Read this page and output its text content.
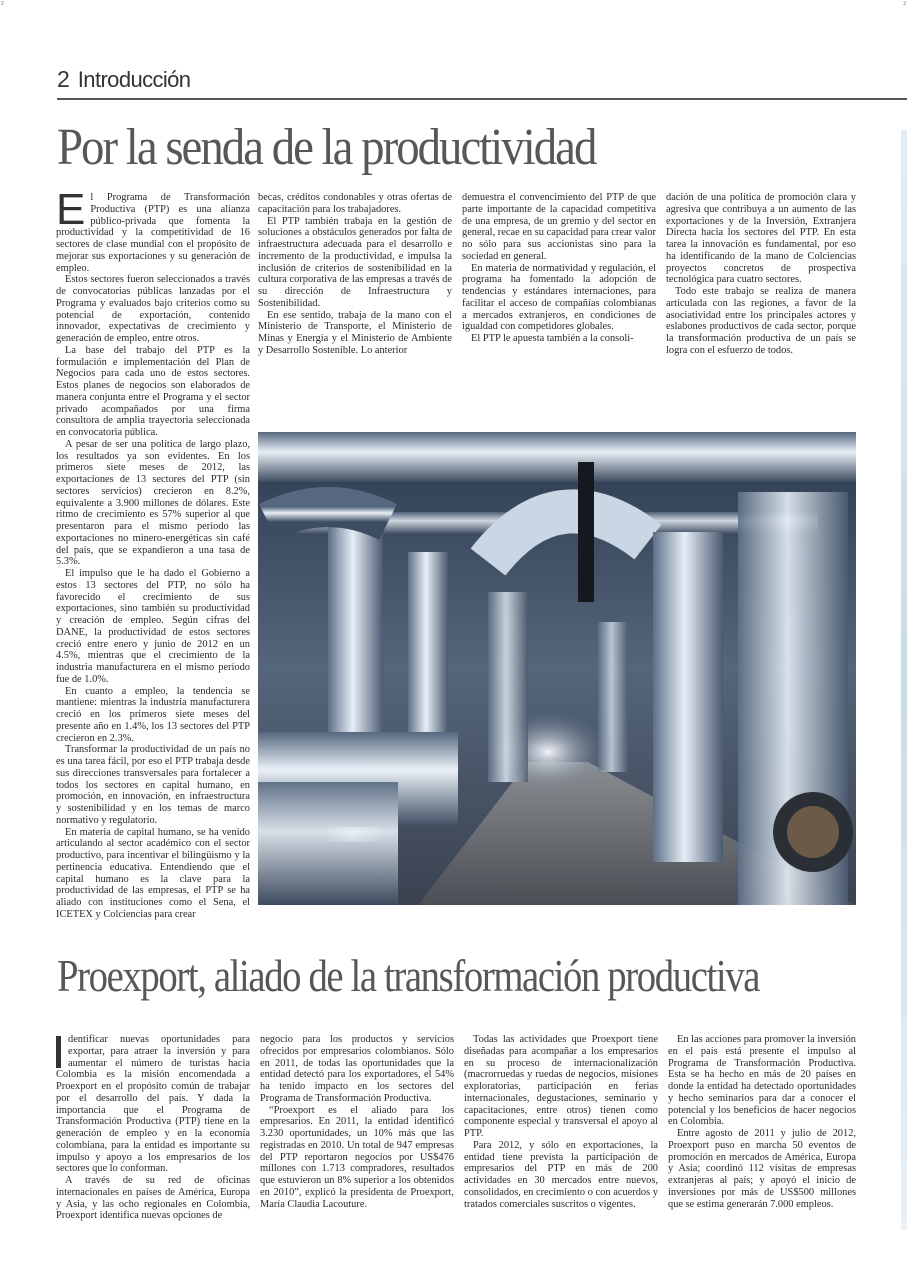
2	2
2 Introducción
Por la senda de la productividad

El Programa de Transformación Productiva (PTP) es una alianza público-privada que fomenta la productividad y la competitividad de 16 sectores de clase mundial con el propósito de mejorar sus exportaciones y su generación de empleo.

Estos sectores fueron seleccionados a través de convocatorias públicas lanzadas por el Programa y evaluados bajo criterios como su potencial de exportación, contenido innovador, expectativas de crecimiento y generación de empleo, entre otros.

La base del trabajo del PTP es la formulación e implementación del Plan de Negocios para cada uno de estos sectores. Estos planes de negocios son elaborados de manera conjunta entre el Programa y el sector privado acompañados por una firma consultora de amplia trayectoria seleccionada en convocatoria pública.

A pesar de ser una política de largo plazo, los resultados ya son evidentes. En los primeros siete meses de 2012, las exportaciones de 13 sectores del PTP (sin sectores servicios) crecieron en 8.2%, equivalente a 3.900 millones de dólares. Este ritmo de crecimiento es 57% superior al que presentaron para el mismo periodo las exportaciones no minero-energéticas sin café del país, que se expandieron a una tasa de 5.3%.

El impulso que le ha dado el Gobierno a estos 13 sectores del PTP, no sólo ha favorecido el crecimiento de sus exportaciones, sino también su productividad y creación de empleo. Según cifras del DANE, la productividad de estos sectores creció entre enero y junio de 2012 en un 4.5%, mientras que el crecimiento de la industria manufacturera en el mismo período fue de 1.0%.

En cuanto a empleo, la tendencia se mantiene: mientras la industria manufacturera creció en los primeros siete meses del presente año en 1.4%, los 13 sectores del PTP crecieron en 2.3%.

Transformar la productividad de un país no es una tarea fácil, por eso el PTP trabaja desde sus direcciones transversales para fortalecer a todos los sectores en capital humano, en promoción, en innovación, en infraestructura y sostenibilidad y en los temas de marco normativo y regulatorio.

En materia de capital humano, se ha venido articulando al sector académico con el sector productivo, para incentivar el bilingüismo y la pertinencia educativa. Entendiendo que el capital humano es la clave para la productividad de las empresas, el PTP se ha aliado con instituciones como el Sena, el ICETEX y Colciencias para crear

becas, créditos condonables y otras ofertas de capacitación para los trabajadores.

El PTP también trabaja en la gestión de soluciones a obstáculos generados por falta de infraestructura adecuada para el desarrollo e incremento de la productividad, e impulsa la inclusión de criterios de sostenibilidad en la cultura corporativa de las empresas a través de su dirección de Infraestructura y Sostenibilidad.

En ese sentido, trabaja de la mano con el Ministerio de Transporte, el Ministerio de Minas y Energía y el Ministerio de Ambiente y Desarrollo Sostenible. Lo anterior

demuestra el convencimiento del PTP de que parte importante de la capacidad competitiva de una empresa, de un gremio y del sector en general, recae en su capacidad para crear valor no sólo para sus accionistas sino para la sociedad en general.

En materia de normatividad y regulación, el programa ha fomentado la adopción de tendencias y estándares internaciones, para facilitar el acceso de compañías colombianas a mercados extranjeros, en condiciones de igualdad con competidores globales.

El PTP le apuesta también a la consoli-

dación de una política de promoción clara y agresiva que contribuya a un aumento de las exportaciones y de la Inversión, Extranjera Directa hacia los sectores del PTP. En esta tarea la innovación es fundamental, por eso ha identificando de la mano de Colciencias proyectos concretos de prospectiva tecnológica para cuatro sectores.

Todo este trabajo se realiza de manera articulada con las regiones, a favor de la asociatividad entre los principales actores y eslabones productivos de cada sector, porque la transformación productiva de un país se logra con el esfuerzo de todos.

Proexport, aliado de la transformación productiva

dentificar nuevas oportunidades para exportar, para atraer la inversión y para aumentar el número de turistas hacia Colombia es la misión encomendada a Proexport en el propósito común de trabajar por el desarrollo del país. Y dada la importancia que el Programa de Transformación Productiva (PTP) tiene en la generación de empleo y en la economía colombiana, para la entidad es importante su impulso y apoyo a los empresarios de los sectores que lo conforman.

A través de su red de oficinas internacionales en países de América, Europa y Asia, y las ocho regionales en Colombia, Proexport identifica nuevas opciones de

negocio para los productos y servicios ofrecidos por empresarios colombianos. Sólo en 2011, de todas las oportunidades que la entidad detectó para los exportadores, el 54% ha tenido impacto en los sectores del Programa de Transformación Productiva.

“Proexport es el aliado para los empresarios. En 2011, la entidad identificó 3.230 oportunidades, un 10% más que las registradas en 2010. Un total de 947 empresas del PTP reportaron negocios por US$476 millones con 1.713 compradores, resultados que estuvieron un 8% superior a los obtenidos en 2010”, explicó la presidenta de Proexport, María Claudia Lacouture.

Todas las actividades que Proexport tiene diseñadas para acompañar a los empresarios en su proceso de internacionalización (macrorruedas y ruedas de negocios, misiones exploratorias, participación en ferias internacionales, degustaciones, seminario y capacitaciones, entre otros) tienen como componente especial y transversal el apoyo al PTP.

Para 2012, y sólo en exportaciones, la entidad tiene prevista la participación de empresarios del PTP en más de 200 actividades en 30 mercados entre nuevos, consolidados, en crecimiento o con acuerdos y tratados comerciales suscritos o vigentes.

En las acciones para promover la inversión en el país está presente el impulso al Programa de Transformación Productiva. Esta se ha hecho en más de 20 países en donde la entidad ha detectado oportunidades y hecho seminarios para dar a conocer el potencial y los beneficios de hacer negocios en Colombia.

Entre agosto de 2011 y julio de 2012, Proexport puso en marcha 50 eventos de promoción en mercados de América, Europa y Asia; coordinó 112 visitas de empresas extranjeras al país; y apoyó el inicio de inversiones por más de US$500 millones que se estima generarán 7.000 empleos.
